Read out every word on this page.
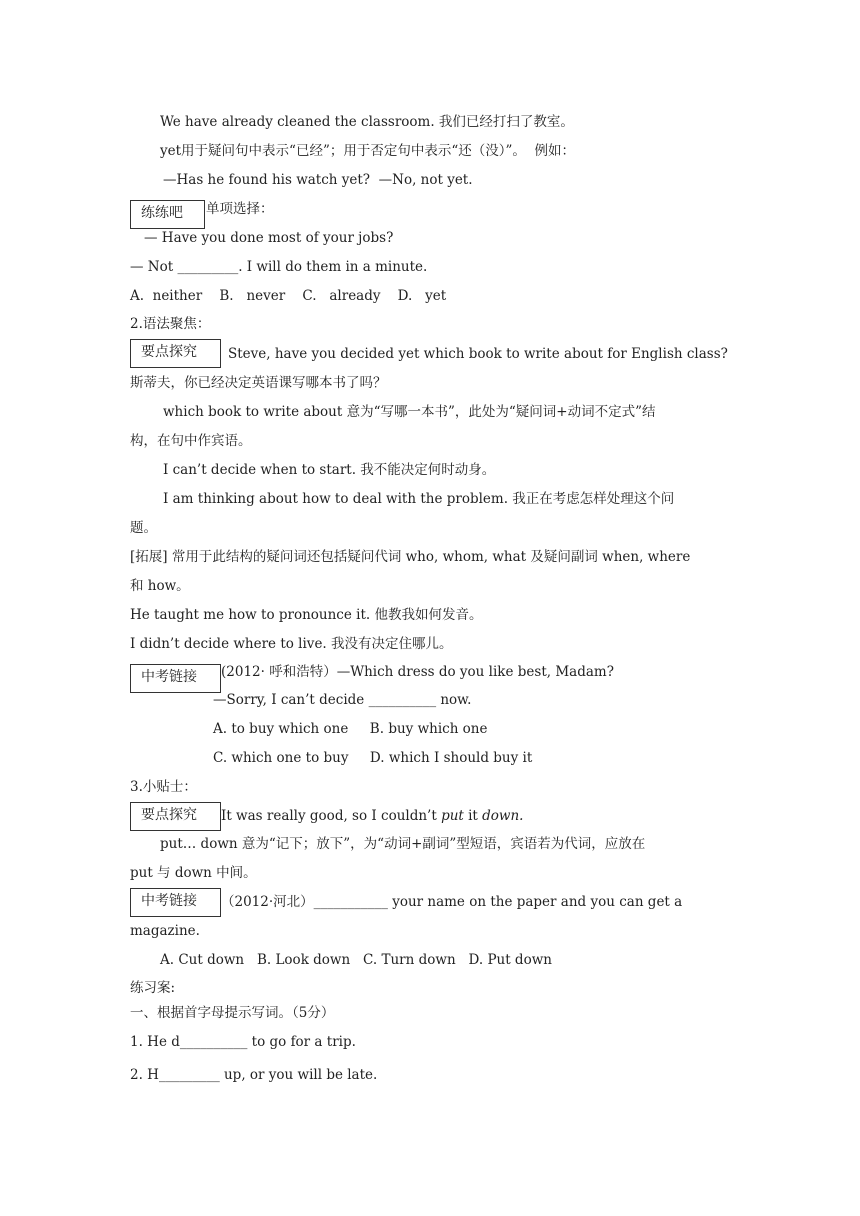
We have already cleaned the classroom. 我们已经打扫了教室。
yet用于疑问句中表示“已经”；用于否定句中表示“还（没）”。  例如：
—Has he found his watch yet?  —No, not yet.
练练吧	单项选择：
— Have you done most of your jobs?
— Not _________. I will do them in a minute.
A.  neither    B.   never    C.   already    D.   yet
2.语法聚焦：
要点探究	Steve, have you decided yet which book to write about for English class?
斯蒂夫，你已经决定英语课写哪本书了吗？
which book to write about 意为“写哪一本书”，此处为“疑问词+动词不定式”结
构，在句中作宾语。
I can’t decide when to start. 我不能决定何时动身。
I am thinking about how to deal with the problem. 我正在考虑怎样处理这个问
题。
[拓展] 常用于此结构的疑问词还包括疑问代词 who, whom, what 及疑问副词 when, where
和 how。
He taught me how to pronounce it. 他教我如何发音。
I didn’t decide where to live. 我没有决定住哪儿。
中考链接	(2012· 呼和浩特）—Which dress do you like best, Madam?
—Sorry, I can’t decide __________ now.
A. to buy which one     B. buy which one
C. which one to buy     D. which I should buy it
3.小贴士：
要点探究	It was really good, so I couldn’t put it down.
put… down 意为“记下；放下”，为“动词+副词”型短语，宾语若为代词，应放在
put 与 down 中间。
中考链接	（2012·河北）___________ your name on the paper and you can get a
magazine.
A. Cut down   B. Look down   C. Turn down   D. Put down
练习案:
一、根据首字母提示写词。（5分）
1. He d__________ to go for a trip.
2. H_________ up, or you will be late.
